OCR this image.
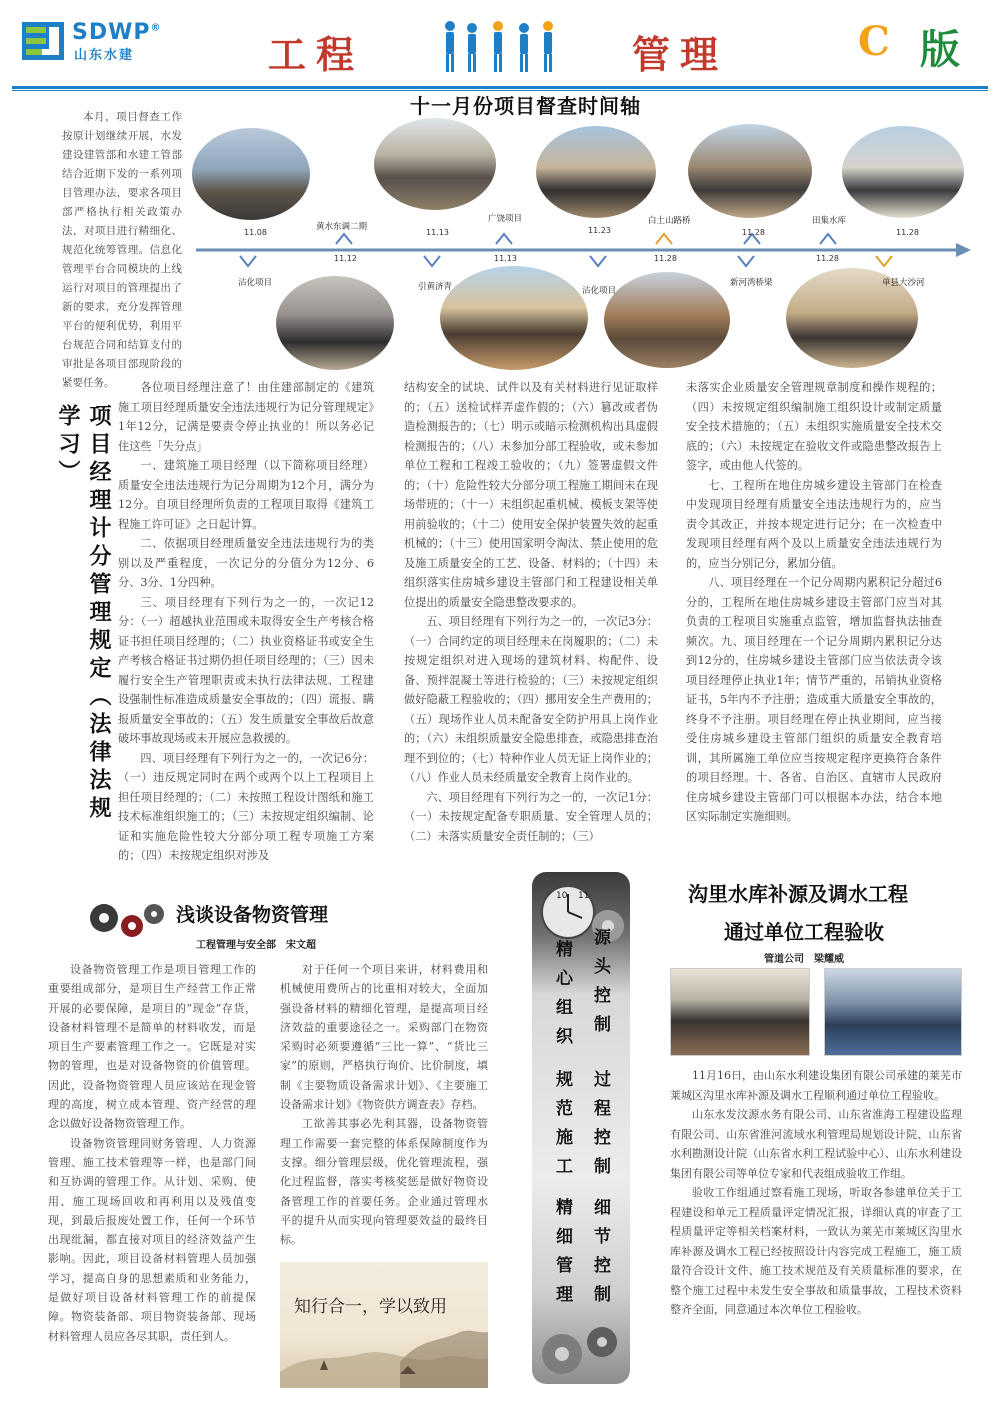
SDWP®
山东水建	工程	管理	C 版

本月，项目督查工作按原计划继续开展，水发建设建管部和水建工管部结合近期下发的一系列项目管理办法，要求各项目部严格执行相关政策办法，对项目进行精细化、规范化统筹管理。信息化管理平台合同模块的上线运行对项目的管理提出了新的要求，充分发挥管理平台的便利优势，利用平台规范合同和结算支付的审批是各项目部现阶段的紧要任务。

十一月份项目督查时间轴
11.08	11.13	11.23	11.28	11.28
黄水东调二期
广饶项目	白土山路桥	田集水库
11.12	11.13	11.28	11.28
沾化项目	引黄济青	沾化项目
新河湾桥梁	单县大沙河
项目经理计分管理规定（法律法规学习）

各位项目经理注意了！由住建部制定的《建筑施工项目经理质量安全违法违规行为记分管理规定》1年12分，记满是要责令停止执业的！所以务必记住这些「失分点」

一、建筑施工项目经理（以下简称项目经理）质量安全违法违规行为记分周期为12个月，满分为12分。自项目经理所负责的工程项目取得《建筑工程施工许可证》之日起计算。

二、依据项目经理质量安全违法违规行为的类别以及严重程度，一次记分的分值分为12分、6分、3分、1分四种。

三、项目经理有下列行为之一的，一次记12分：（一）超越执业范围或未取得安全生产考核合格证书担任项目经理的；（二）执业资格证书或安全生产考核合格证书过期仍担任项目经理的；（三）因未履行安全生产管理职责或未执行法律法规、工程建设强制性标准造成质量安全事故的；（四）谎报、瞒报质量安全事故的；（五）发生质量安全事故后故意破坏事故现场或未开展应急救援的。

四、项目经理有下列行为之一的，一次记6分：（一）违反规定同时在两个或两个以上工程项目上担任项目经理的；（二）未按照工程设计图纸和施工技术标准组织施工的；（三）未按规定组织编制、论证和实施危险性较大分部分项工程专项施工方案的；（四）未按规定组织对涉及

结构安全的试块、试件以及有关材料进行见证取样的；（五）送检试样弄虚作假的；（六）篡改或者伪造检测报告的；（七）明示或暗示检测机构出具虚假检测报告的；（八）未参加分部工程验收，或未参加单位工程和工程竣工验收的；（九）签署虚假文件的；（十）危险性较大分部分项工程施工期间未在现场带班的；（十一）未组织起重机械、模板支架等使用前验收的；（十二）使用安全保护装置失效的起重机械的；（十三）使用国家明令淘汰、禁止使用的危及施工质量安全的工艺、设备、材料的；（十四）未组织落实住房城乡建设主管部门和工程建设相关单位提出的质量安全隐患整改要求的。

五、项目经理有下列行为之一的，一次记3分：（一）合同约定的项目经理未在岗履职的；（二）未按规定组织对进入现场的建筑材料、构配件、设备、预拌混凝土等进行检验的；（三）未按规定组织做好隐蔽工程验收的；（四）挪用安全生产费用的；（五）现场作业人员未配备安全防护用具上岗作业的；（六）未组织质量安全隐患排查，或隐患排查治理不到位的；（七）特种作业人员无证上岗作业的；（八）作业人员未经质量安全教育上岗作业的。

六、项目经理有下列行为之一的，一次记1分：（一）未按规定配备专职质量、安全管理人员的；（二）未落实质量安全责任制的；（三）

未落实企业质量安全管理规章制度和操作规程的；（四）未按规定组织编制施工组织设计或制定质量安全技术措施的；（五）未组织实施质量安全技术交底的；（六）未按规定在验收文件或隐患整改报告上签字，或由他人代签的。

七、工程所在地住房城乡建设主管部门在检查中发现项目经理有质量安全违法违规行为的，应当责令其改正，并按本规定进行记分；在一次检查中发现项目经理有两个及以上质量安全违法违规行为的，应当分别记分，累加分值。

八、项目经理在一个记分周期内累积记分超过6分的，工程所在地住房城乡建设主管部门应当对其负责的工程项目实施重点监管，增加监督执法抽查频次。九、项目经理在一个记分周期内累积记分达到12分的，住房城乡建设主管部门应当依法责令该项目经理停止执业1年；情节严重的，吊销执业资格证书，5年内不予注册；造成重大质量安全事故的，终身不予注册。项目经理在停止执业期间，应当接受住房城乡建设主管部门组织的质量安全教育培训，其所属施工单位应当按规定程序更换符合条件的项目经理。十、各省、自治区、直辖市人民政府住房城乡建设主管部门可以根据本办法，结合本地区实际制定实施细则。

浅谈设备物资管理
工程管理与安全部　宋文超

设备物资管理工作是项目管理工作的重要组成部分，是项目生产经营工作正常开展的必要保障，是项目的“现金”存货，设备材料管理不是简单的材料收发，而是项目生产要素管理工作之一。它既是对实物的管理，也是对设备物资的价值管理。因此，设备物资管理人员应该站在现金管理的高度，树立成本管理、资产经营的理念以做好设备物资管理工作。

设备物资管理同财务管理、人力资源管理、施工技术管理等一样，也是部门间和互协调的管理工作。从计划、采购、使用、施工现场回收和再利用以及残值变现，到最后报废处置工作，任何一个环节出现纰漏，都直接对项目的经济效益产生影响。因此，项目设备材料管理人员加强学习，提高自身的思想素质和业务能力，是做好项目设备材料管理工作的前提保障。物资装备部、项目物资装备部、现场材料管理人员应各尽其职，责任到人。

对于任何一个项目来讲，材料费用和机械使用费所占的比重相对较大，全面加强设备材料的精细化管理，是提高项目经济效益的重要途径之一。采购部门在物资采购时必须要遵循“三比一算”、“货比三家”的原则，严格执行询价、比价制度，填制《主要物质设备需求计划》、《主要施工设备需求计划》《物资供方调查表》存档。

工欲善其事必先利其器，设备物资管理工作需要一套完整的体系保障制度作为支撑。细分管理层级，优化管理流程，强化过程监督，落实考核奖惩是做好物资设备管理工作的首要任务。企业通过管理水平的提升从而实现向管理要效益的最终目标。

知行合一，学以致用
10 11
源头控制
精心组织
过程控制
规范施工
细节控制
精细管理
沟里水库补源及调水工程
通过单位工程验收
管道公司　梁耀威

11月16日，由山东水利建设集团有限公司承建的莱芜市莱城区沟里水库补源及调水工程顺利通过单位工程验收。

山东水发汶源水务有限公司、山东省淮海工程建设监理有限公司、山东省淮河流域水利管理局规划设计院、山东省水利勘测设计院（山东省水利工程试验中心）、山东水利建设集团有限公司等单位专家和代表组成验收工作组。

验收工作组通过察看施工现场，听取各参建单位关于工程建设和单元工程质量评定情况汇报，详细认真的审查了工程质量评定等相关档案材料，一致认为莱芜市莱城区沟里水库补源及调水工程已经按照设计内容完成工程施工，施工质量符合设计文件、施工技术规范及有关质量标准的要求，在整个施工过程中未发生安全事故和质量事故，工程技术资料整齐全面，同意通过本次单位工程验收。
